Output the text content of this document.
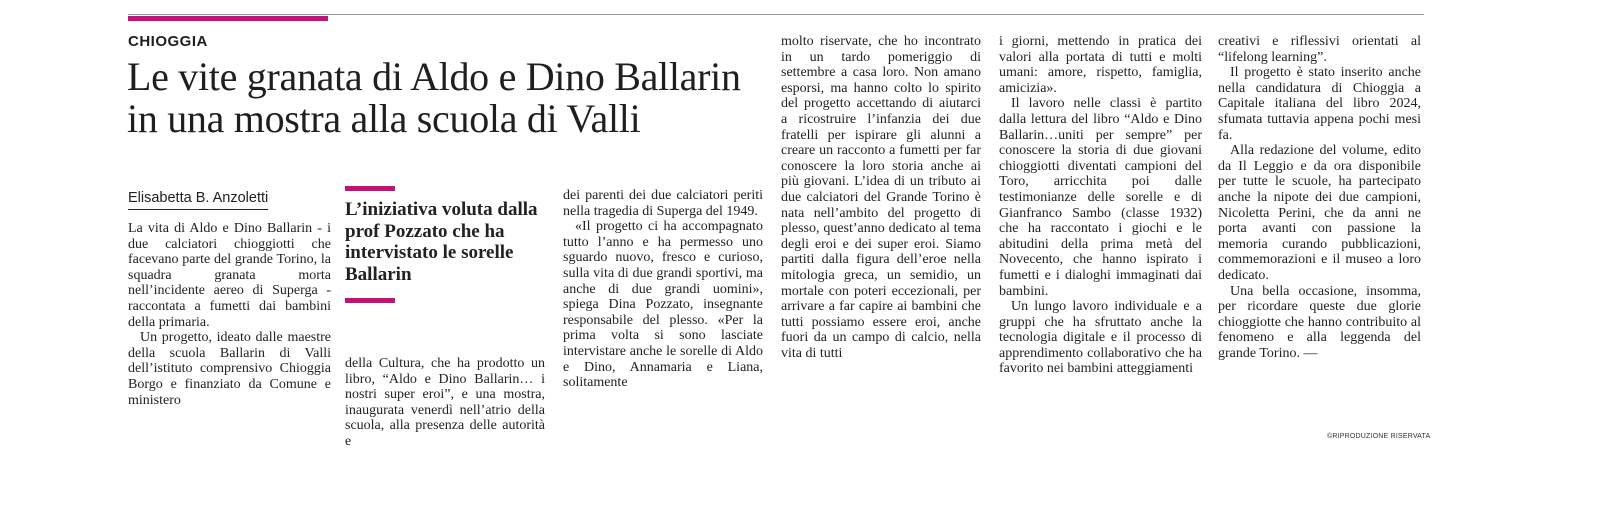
CHIOGGIA
Le vite granata di Aldo e Dino Ballarin in una mostra alla scuola di Valli
Elisabetta B. Anzoletti

La vita di Aldo e Dino Ballarin - i due calciatori chioggiotti che facevano parte del grande Torino, la squadra granata morta nell’incidente aereo di Superga - raccontata a fumetti dai bambini della primaria.

Un progetto, ideato dalle maestre della scuola Ballarin di Valli dell’istituto comprensivo Chioggia Borgo e finanziato da Comune e ministero

L’iniziativa voluta dalla prof Pozzato che ha intervistato le sorelle Ballarin

della Cultura, che ha prodotto un libro, “Aldo e Dino Ballarin… i nostri super eroi”, e una mostra, inaugurata venerdì nell’atrio della scuola, alla presenza delle autorità e

dei parenti dei due calciatori periti nella tragedia di Superga del 1949.

«Il progetto ci ha accompagnato tutto l’anno e ha permesso uno sguardo nuovo, fresco e curioso, sulla vita di due grandi sportivi, ma anche di due grandi uomini», spiega Dina Pozzato, insegnante responsabile del plesso. «Per la prima volta si sono lasciate intervistare anche le sorelle di Aldo e Dino, Annamaria e Liana, solitamente

molto riservate, che ho incontrato in un tardo pomeriggio di settembre a casa loro. Non amano esporsi, ma hanno colto lo spirito del progetto accettando di aiutarci a ricostruire l’infanzia dei due fratelli per ispirare gli alunni a creare un racconto a fumetti per far conoscere la loro storia anche ai più giovani. L’idea di un tributo ai due calciatori del Grande Torino è nata nell’ambito del progetto di plesso, quest’anno dedicato al tema degli eroi e dei super eroi. Siamo partiti dalla figura dell’eroe nella mitologia greca, un semidio, un mortale con poteri eccezionali, per arrivare a far capire ai bambini che tutti possiamo essere eroi, anche fuori da un campo di calcio, nella vita di tutti

i giorni, mettendo in pratica dei valori alla portata di tutti e molti umani: amore, rispetto, famiglia, amicizia».

Il lavoro nelle classi è partito dalla lettura del libro “Aldo e Dino Ballarin…uniti per sempre” per conoscere la storia di due giovani chioggiotti diventati campioni del Toro, arricchita poi dalle testimonianze delle sorelle e di Gianfranco Sambo (classe 1932) che ha raccontato i giochi e le abitudini della prima metà del Novecento, che hanno ispirato i fumetti e i dialoghi immaginati dai bambini.

Un lungo lavoro individuale e a gruppi che ha sfruttato anche la tecnologia digitale e il processo di apprendimento collaborativo che ha favorito nei bambini atteggiamenti

creativi e riflessivi orientati al “lifelong learning”.

Il progetto è stato inserito anche nella candidatura di Chioggia a Capitale italiana del libro 2024, sfumata tuttavia appena pochi mesi fa.

Alla redazione del volume, edito da Il Leggio e da ora disponibile per tutte le scuole, ha partecipato anche la nipote dei due campioni, Nicoletta Perini, che da anni ne porta avanti con passione la memoria curando pubblicazioni, commemorazioni e il museo a loro dedicato.

Una bella occasione, insomma, per ricordare queste due glorie chioggiotte che hanno contribuito al fenomeno e alla leggenda del grande Torino. —

©RIPRODUZIONE RISERVATA
